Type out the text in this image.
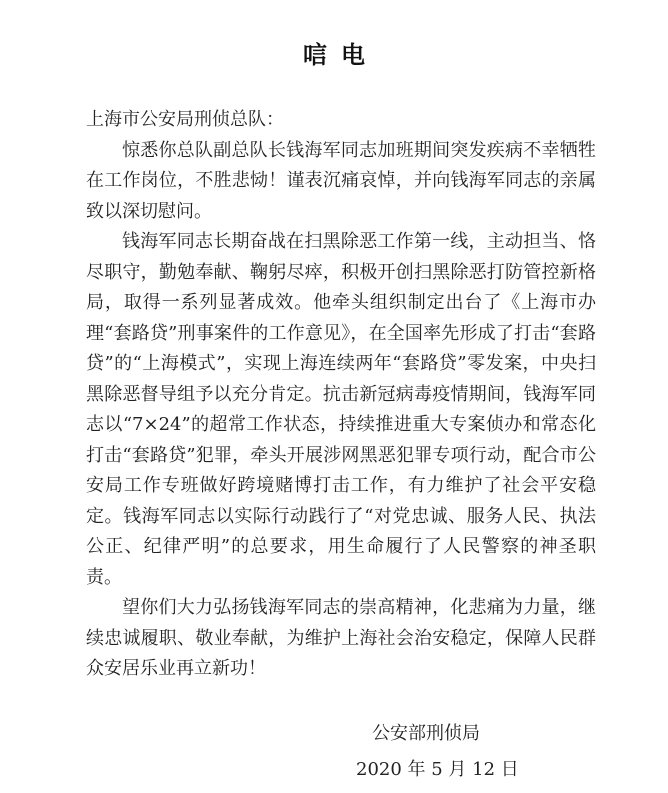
唁电

上海市公安局刑侦总队：

惊悉你总队副总队长钱海军同志加班期间突发疾病不幸牺牲在工作岗位，不胜悲恸！谨表沉痛哀悼，并向钱海军同志的亲属致以深切慰问。

钱海军同志长期奋战在扫黑除恶工作第一线，主动担当、恪尽职守，勤勉奉献、鞠躬尽瘁，积极开创扫黑除恶打防管控新格局，取得一系列显著成效。他牵头组织制定出台了《上海市办理“套路贷”刑事案件的工作意见》，在全国率先形成了打击“套路贷”的“上海模式”，实现上海连续两年“套路贷”零发案，中央扫黑除恶督导组予以充分肯定。抗击新冠病毒疫情期间，钱海军同志以“7×24”的超常工作状态，持续推进重大专案侦办和常态化打击“套路贷”犯罪，牵头开展涉网黑恶犯罪专项行动，配合市公安局工作专班做好跨境赌博打击工作，有力维护了社会平安稳定。钱海军同志以实际行动践行了“对党忠诚、服务人民、执法公正、纪律严明”的总要求，用生命履行了人民警察的神圣职责。

望你们大力弘扬钱海军同志的崇高精神，化悲痛为力量，继续忠诚履职、敬业奉献，为维护上海社会治安稳定，保障人民群众安居乐业再立新功！

公安部刑侦局

2020 年 5 月 12 日
